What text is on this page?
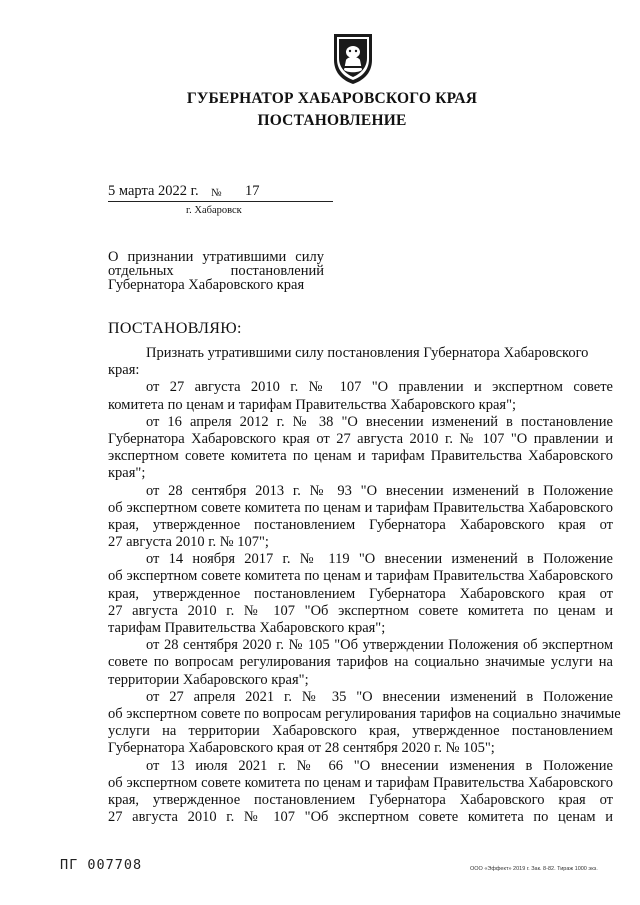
ГУБЕРНАТОР ХАБАРОВСКОГО КРАЯ
ПОСТАНОВЛЕНИЕ
5 марта 2022 г. № 17
г. Хабаровск
О признании утратившими силу
отдельных постановлений
Губернатора Хабаровского края
ПОСТАНОВЛЯЮ:
Признать утратившими силу постановления Губернатора Хабаровского
края:
от 27 августа 2010 г. № 107 "О правлении и экспертном совете
комитета по ценам и тарифам Правительства Хабаровского края";
от 16 апреля 2012 г. № 38 "О внесении изменений в постановление
Губернатора Хабаровского края от 27 августа 2010 г. № 107 "О правлении и
экспертном совете комитета по ценам и тарифам Правительства Хабаровского
края";
от 28 сентября 2013 г. № 93 "О внесении изменений в Положение
об экспертном совете комитета по ценам и тарифам Правительства Хабаровского
края, утвержденное постановлением Губернатора Хабаровского края от
27 августа 2010 г. № 107";
от 14 ноября 2017 г. № 119 "О внесении изменений в Положение
об экспертном совете комитета по ценам и тарифам Правительства Хабаровского
края, утвержденное постановлением Губернатора Хабаровского края от
27 августа 2010 г. № 107 "Об экспертном совете комитета по ценам и
тарифам Правительства Хабаровского края";
от 28 сентября 2020 г. № 105 "Об утверждении Положения об экспертном
совете по вопросам регулирования тарифов на социально значимые услуги на
территории Хабаровского края";
от 27 апреля 2021 г. № 35 "О внесении изменений в Положение
об экспертном совете по вопросам регулирования тарифов на социально значимые
услуги на территории Хабаровского края, утвержденное постановлением
Губернатора Хабаровского края от 28 сентября 2020 г. № 105";
от 13 июля 2021 г. № 66 "О внесении изменения в Положение
об экспертном совете комитета по ценам и тарифам Правительства Хабаровского
края, утвержденное постановлением Губернатора Хабаровского края от
27 августа 2010 г. № 107 "Об экспертном совете комитета по ценам и
ПГ 007708	ООО «Эффект» 2019 г. Зак. 8-82. Тираж 1000 экз.
